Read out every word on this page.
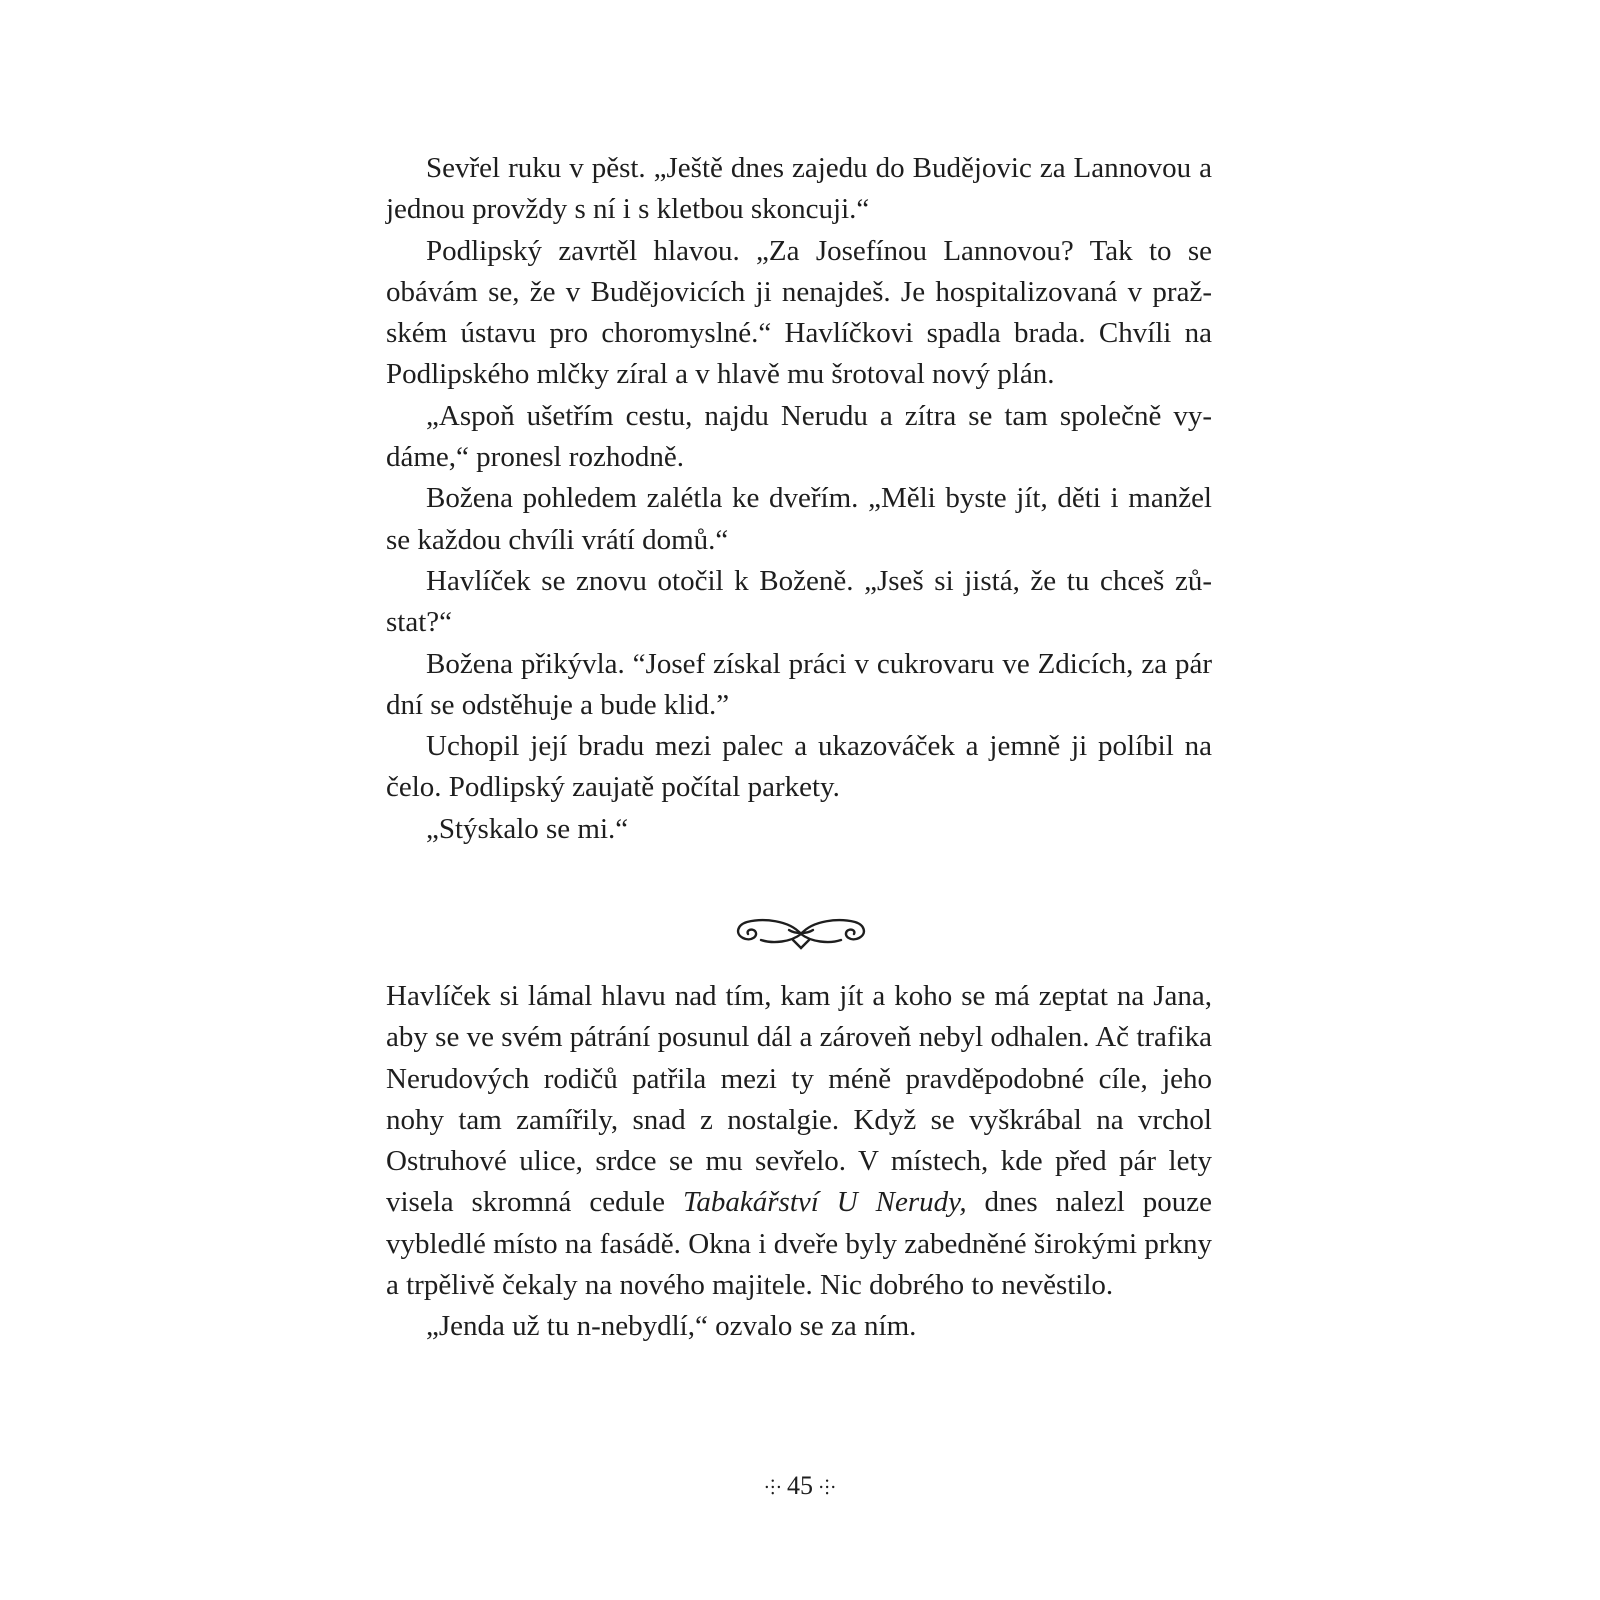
Sevřel ruku v pěst. „Ještě dnes zajedu do Budějovic za Lannovou a jednou provždy s ní i s kletbou skoncuji.“

Podlipský zavrtěl hlavou. „Za Josefínou Lannovou? Tak to se obávám se, že v Budějovicích ji nenajdeš. Je hospitalizovaná v pražském ústavu pro choromyslné.“ Havlíčkovi spadla brada. Chvíli na Podlipského mlčky zíral a v hlavě mu šrotoval nový plán.

„Aspoň ušetřím cestu, najdu Nerudu a zítra se tam společně vydáme,“ pronesl rozhodně.

Božena pohledem zalétla ke dveřím. „Měli byste jít, děti i manžel se každou chvíli vrátí domů.“

Havlíček se znovu otočil k Boženě. „Jseš si jistá, že tu chceš zůstat?“

Božena přikývla. “Josef získal práci v cukrovaru ve Zdicích, za pár dní se odstěhuje a bude klid.”

Uchopil její bradu mezi palec a ukazováček a jemně ji políbil na čelo. Podlipský zaujatě počítal parkety.

„Stýskalo se mi.“

Havlíček si lámal hlavu nad tím, kam jít a koho se má zeptat na Jana, aby se ve svém pátrání posunul dál a zároveň nebyl odhalen. Ač trafika Nerudových rodičů patřila mezi ty méně pravděpodobné cíle, jeho nohy tam zamířily, snad z nostalgie. Když se vyškrábal na vrchol Ostruhové ulice, srdce se mu sevřelo. V místech, kde před pár lety visela skromná cedule Tabakářství U Nerudy, dnes nalezl pouze vybledlé místo na fasádě. Okna i dveře byly zabedněné širokými prkny a trpělivě čekaly na nového majitele. Nic dobrého to nevěstilo.

„Jenda už tu n-nebydlí,“ ozvalo se za ním.

⸭ 45 ⸭
